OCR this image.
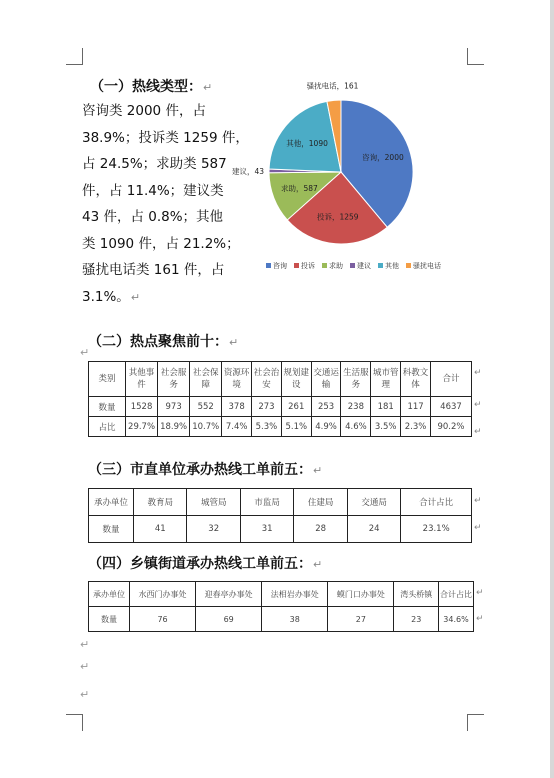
（一）热线类型：↵
咨询类 2000 件，占
38.9%；投诉类 1259 件，
占 24.5%；求助类 587
件，占 11.4%；建议类
43 件，占 0.8%；其他
类 1090 件，占 21.2%；
骚扰电话类 161 件，占
3.1%。↵
咨询，2000
投诉，1259
求助，587
建议，43
其他，1090
骚扰电话，161
咨询 投诉 求助 建议 其他 骚扰电话
（二）热点聚焦前十：↵
↵
类别	其他事件	社会服务	社会保障	资源环境	社会治安	规划建设	交通运输	生活服务	城市管理	科教文体	合计
数量	1528	973	552	378	273	261	253	238	181	117	4637
占比	29.7%	18.9%	10.7%	7.4%	5.3%	5.1%	4.9%	4.6%	3.5%	2.3%	90.2%
↵
↵
↵
（三）市直单位承办热线工单前五：↵
承办单位	教育局	城管局	市监局	住建局	交通局	合计占比
数量	41	32	31	28	24	23.1%
↵
↵
（四）乡镇街道承办热线工单前五：↵
承办单位	水西门办事处	迎春亭办事处	法相岩办事处	蟆门口办事处	湾头桥镇	合计占比
数量	76	69	38	27	23	34.6%
↵
↵
↵
↵
↵
